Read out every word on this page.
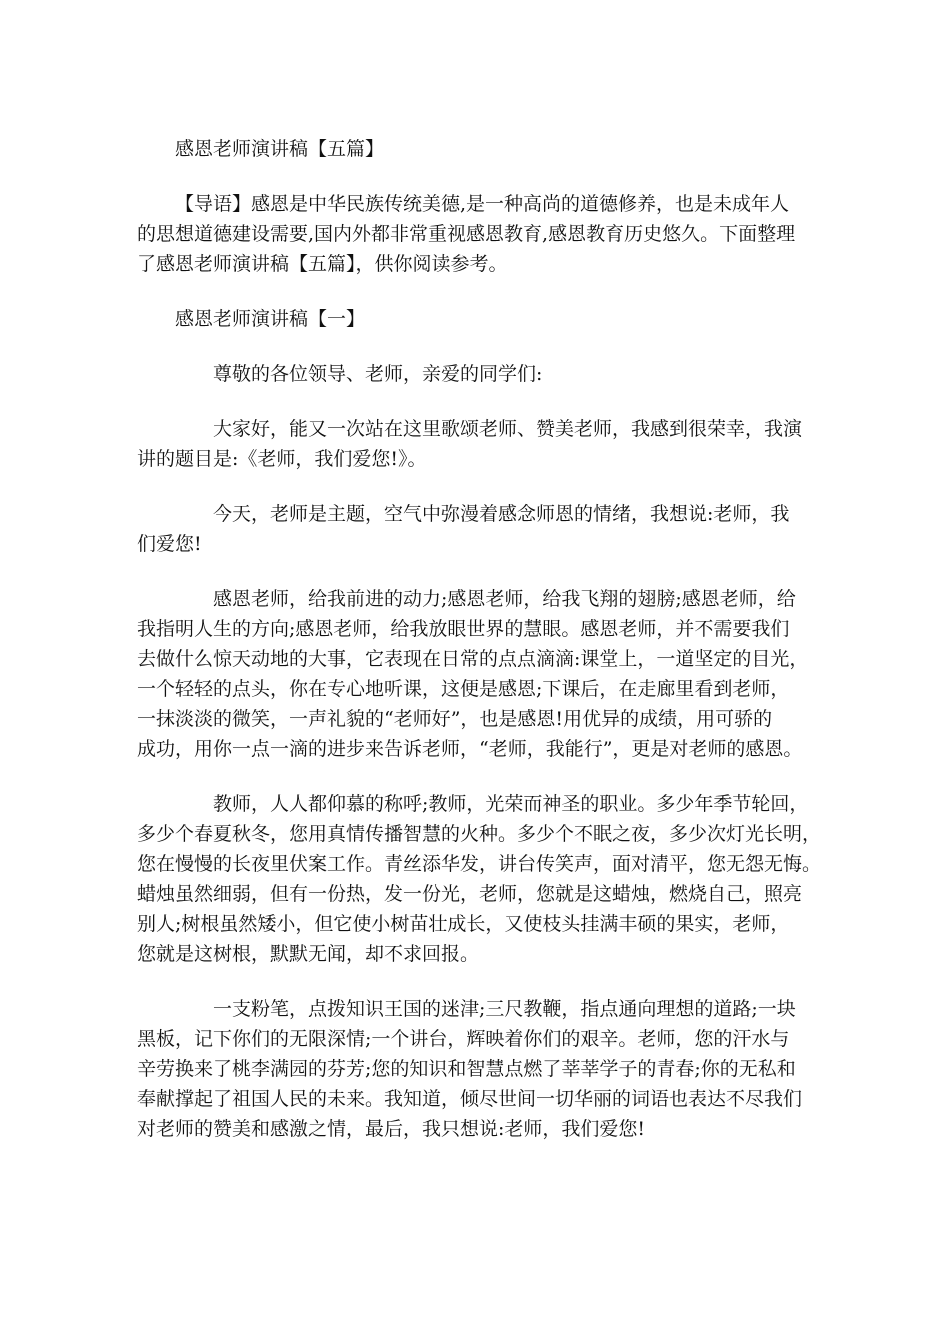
感恩老师演讲稿【五篇】
【导语】感恩是中华民族传统美德,是一种高尚的道德修养，也是未成年人
的思想道德建设需要,国内外都非常重视感恩教育,感恩教育历史悠久。下面整理
了感恩老师演讲稿【五篇】，供你阅读参考。
感恩老师演讲稿【一】
尊敬的各位领导、老师，亲爱的同学们:
大家好，能又一次站在这里歌颂老师、赞美老师，我感到很荣幸，我演
讲的题目是:《老师，我们爱您!》。
今天，老师是主题，空气中弥漫着感念师恩的情绪，我想说:老师，我
们爱您!
感恩老师，给我前进的动力;感恩老师，给我飞翔的翅膀;感恩老师，给
我指明人生的方向;感恩老师，给我放眼世界的慧眼。感恩老师，并不需要我们
去做什么惊天动地的大事，它表现在日常的点点滴滴:课堂上，一道坚定的目光，
一个轻轻的点头，你在专心地听课，这便是感恩;下课后，在走廊里看到老师，
一抹淡淡的微笑，一声礼貌的“老师好”，也是感恩!用优异的成绩，用可骄的
成功，用你一点一滴的进步来告诉老师，“老师，我能行”，更是对老师的感恩。
教师，人人都仰慕的称呼;教师，光荣而神圣的职业。多少年季节轮回，
多少个春夏秋冬，您用真情传播智慧的火种。多少个不眠之夜，多少次灯光长明，
您在慢慢的长夜里伏案工作。青丝添华发，讲台传笑声，面对清平，您无怨无悔。
蜡烛虽然细弱，但有一份热，发一份光，老师，您就是这蜡烛，燃烧自己，照亮
别人;树根虽然矮小，但它使小树苗壮成长，又使枝头挂满丰硕的果实，老师，
您就是这树根，默默无闻，却不求回报。
一支粉笔，点拨知识王国的迷津;三尺教鞭，指点通向理想的道路;一块
黑板，记下你们的无限深情;一个讲台，辉映着你们的艰辛。老师，您的汗水与
辛劳换来了桃李满园的芬芳;您的知识和智慧点燃了莘莘学子的青春;你的无私和
奉献撑起了祖国人民的未来。我知道，倾尽世间一切华丽的词语也表达不尽我们
对老师的赞美和感激之情，最后，我只想说:老师，我们爱您!
